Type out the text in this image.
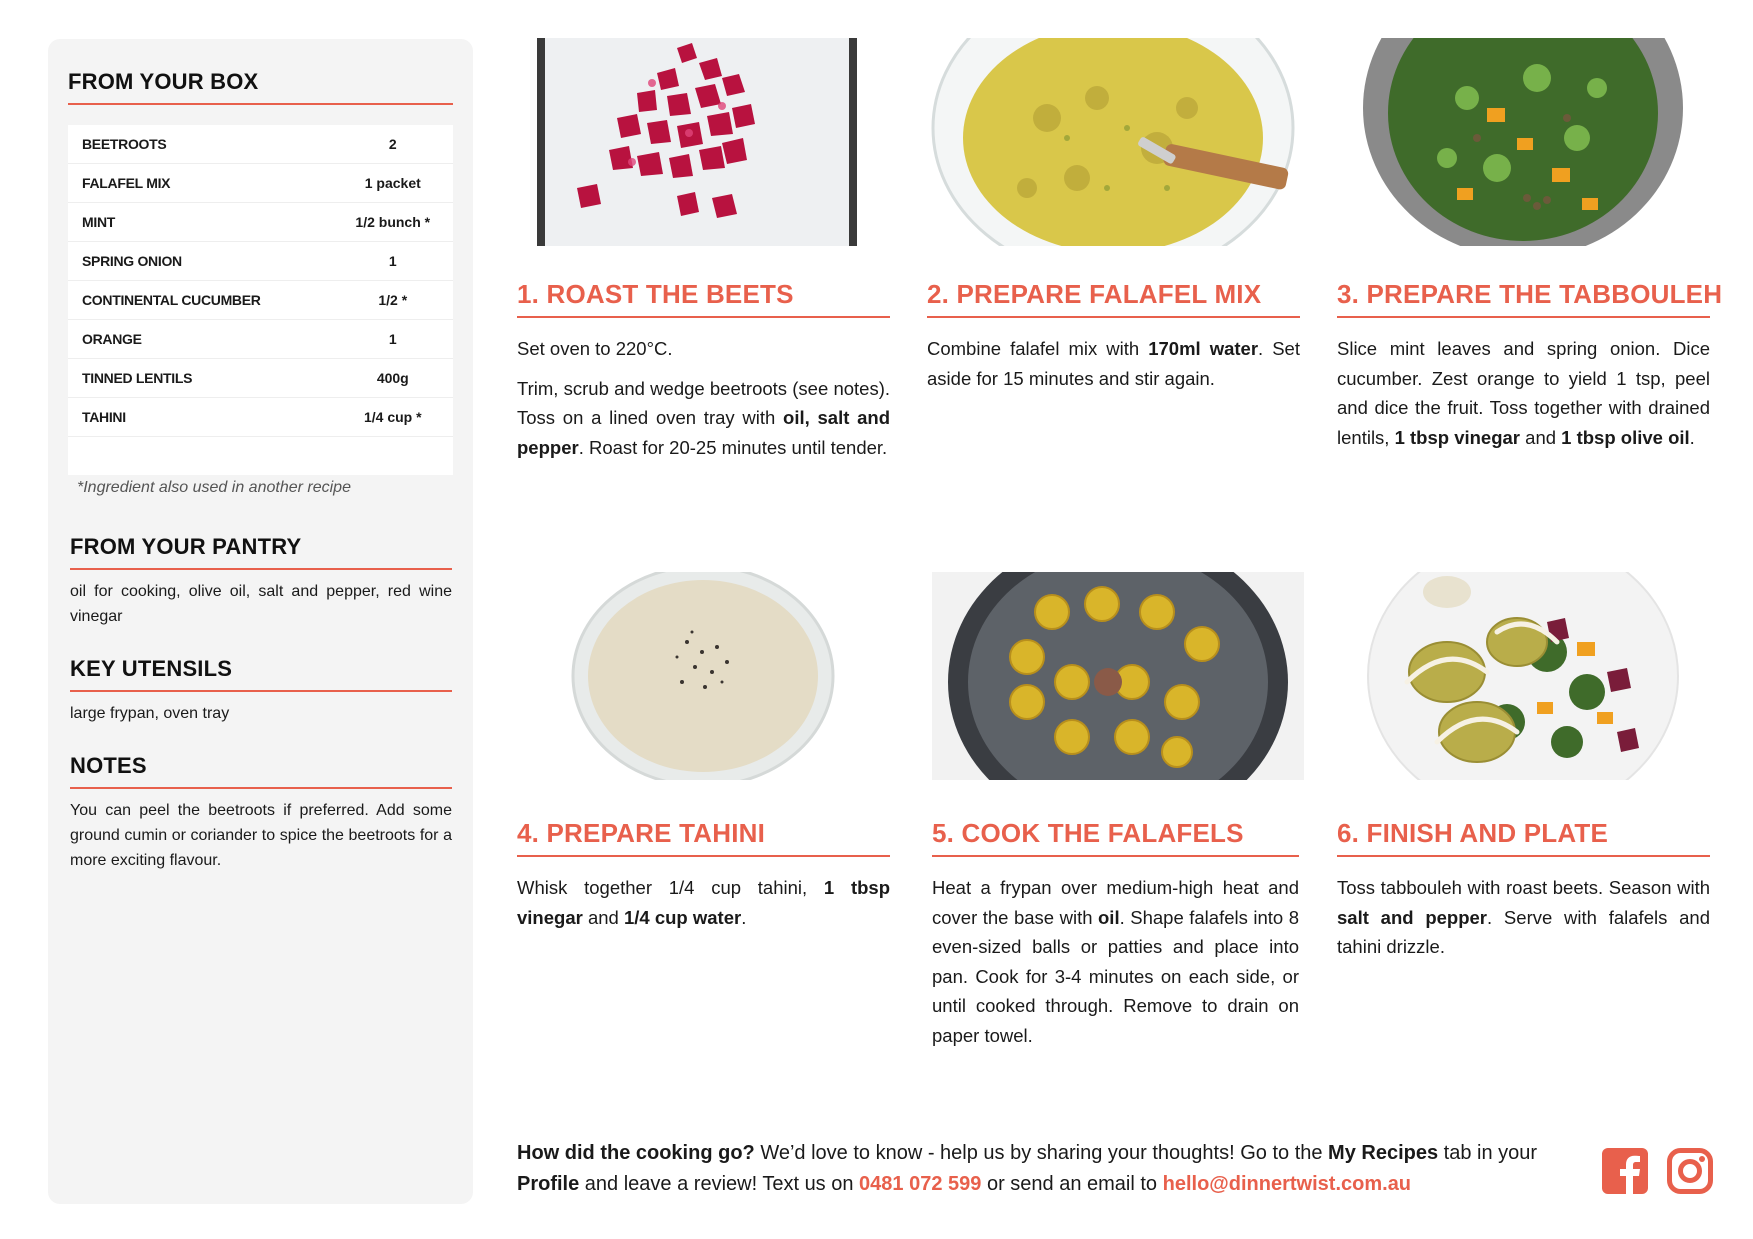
FROM YOUR BOX
BEETROOTS	2
FALAFEL MIX	1 packet
MINT	1/2 bunch *
SPRING ONION	1
CONTINENTAL CUCUMBER	1/2 *
ORANGE	1
TINNED LENTILS	400g
TAHINI	1/4 cup *
*Ingredient also used in another recipe
FROM YOUR PANTRY
oil for cooking, olive oil, salt and pepper, red wine vinegar
KEY UTENSILS
large frypan, oven tray
NOTES
You can peel the beetroots if preferred. Add some ground cumin or coriander to spice the beetroots for a more exciting flavour.
1. ROAST THE BEETS

Set oven to 220°C.

Trim, scrub and wedge beetroots (see notes). Toss on a lined oven tray with oil, salt and pepper. Roast for 20-25 minutes until tender.

2. PREPARE FALAFEL MIX

Combine falafel mix with 170ml water. Set aside for 15 minutes and stir again.

3. PREPARE THE TABBOULEH

Slice mint leaves and spring onion. Dice cucumber. Zest orange to yield 1 tsp, peel and dice the fruit. Toss together with drained lentils, 1 tbsp vinegar and 1 tbsp olive oil.

4. PREPARE TAHINI

Whisk together 1/4 cup tahini, 1 tbsp vinegar and 1/4 cup water.

5. COOK THE FALAFELS

Heat a frypan over medium-high heat and cover the base with oil. Shape falafels into 8 even-sized balls or patties and place into pan. Cook for 3-4 minutes on each side, or until cooked through. Remove to drain on paper towel.

6. FINISH AND PLATE

Toss tabbouleh with roast beets. Season with salt and pepper. Serve with falafels and tahini drizzle.

How did the cooking go? We’d love to know - help us by sharing your thoughts! Go to the My Recipes tab in your Profile and leave a review! Text us on 0481 072 599 or send an email to hello@dinnertwist.com.au
